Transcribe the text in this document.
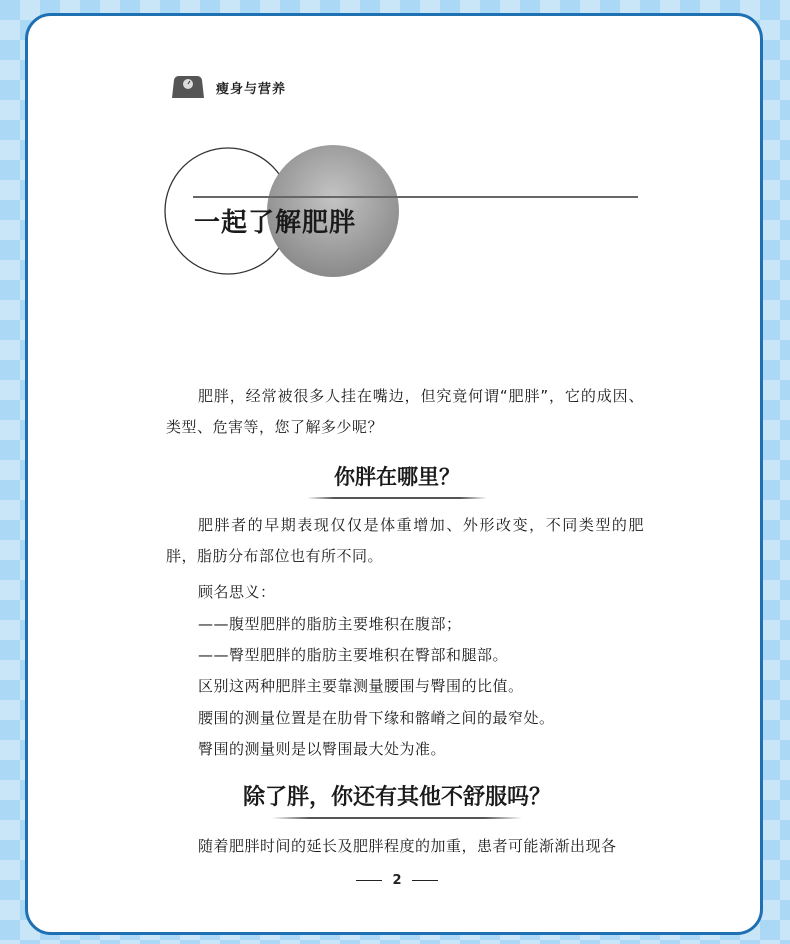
瘦身与营养
一起了解肥胖

肥胖，经常被很多人挂在嘴边，但究竟何谓“肥胖”，它的成因、类型、危害等，您了解多少呢？

你胖在哪里？

肥胖者的早期表现仅仅是体重增加、外形改变，不同类型的肥胖，脂肪分布部位也有所不同。

顾名思义：

——腹型肥胖的脂肪主要堆积在腹部；

——臀型肥胖的脂肪主要堆积在臀部和腿部。

区别这两种肥胖主要靠测量腰围与臀围的比值。

腰围的测量位置是在肋骨下缘和髂嵴之间的最窄处。

臀围的测量则是以臀围最大处为准。

除了胖，你还有其他不舒服吗？

随着肥胖时间的延长及肥胖程度的加重，患者可能渐渐出现各

2
